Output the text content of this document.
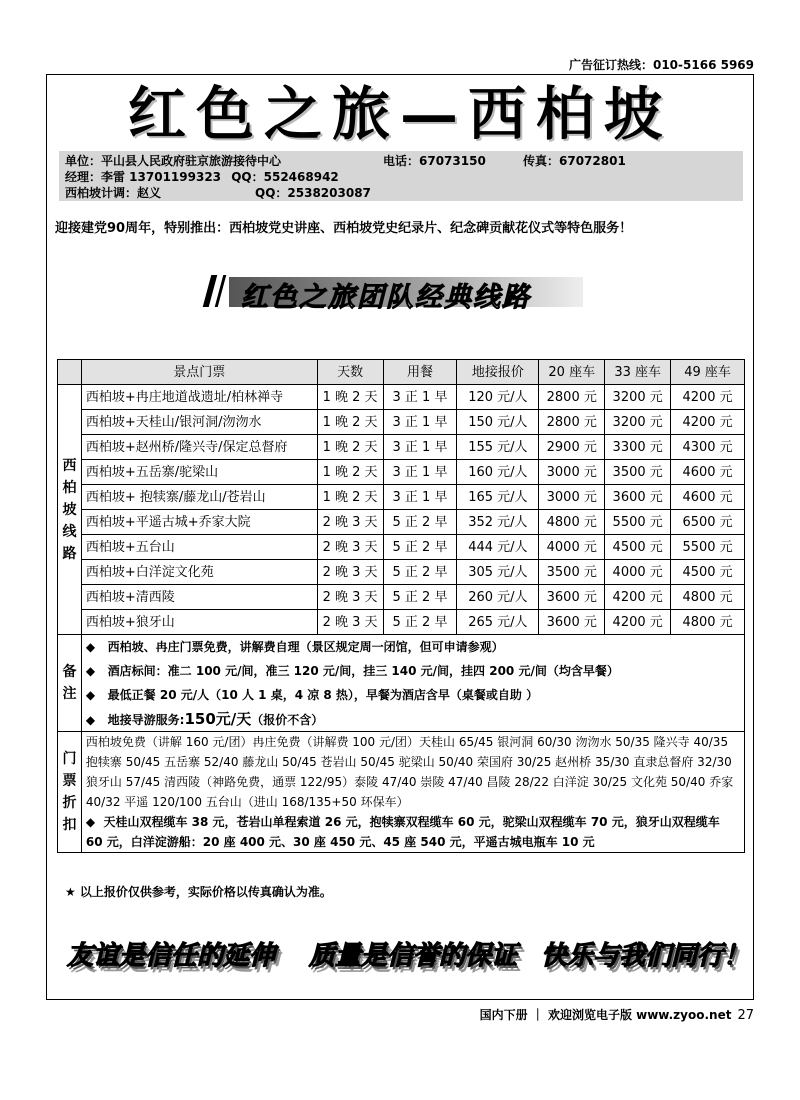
广告征订热线：010-5166 5969
红色之旅—西柏坡
单位：平山县人民政府驻京旅游接待中心	电话：67073150	传真：67072801
经理：李雷 13701199323 QQ：552468942
西柏坡计调：赵义	QQ：2538203087
迎接建党90周年，特别推出：西柏坡党史讲座、西柏坡党史纪录片、纪念碑贡献花仪式等特色服务！
红色之旅团队经典线路
	景点门票	天数	用餐	地接报价	20 座车	33 座车	49 座车
西柏坡线路	西柏坡+冉庄地道战遗址/柏林禅寺	1 晚 2 天	3 正 1 早	120 元/人	2800 元	3200 元	4200 元
	西柏坡+天桂山/银河洞/沕沕水	1 晚 2 天	3 正 1 早	150 元/人	2800 元	3200 元	4200 元
	西柏坡+赵州桥/隆兴寺/保定总督府	1 晚 2 天	3 正 1 早	155 元/人	2900 元	3300 元	4300 元
	西柏坡+五岳寨/驼梁山	1 晚 2 天	3 正 1 早	160 元/人	3000 元	3500 元	4600 元
	西柏坡+ 抱犊寨/藤龙山/苍岩山	1 晚 2 天	3 正 1 早	165 元/人	3000 元	3600 元	4600 元
	西柏坡+平遥古城+乔家大院	2 晚 3 天	5 正 2 早	352 元/人	4800 元	5500 元	6500 元
	西柏坡+五台山	2 晚 3 天	5 正 2 早	444 元/人	4000 元	4500 元	5500 元
	西柏坡+白洋淀文化苑	2 晚 3 天	5 正 2 早	305 元/人	3500 元	4000 元	4500 元
	西柏坡+清西陵	2 晚 3 天	5 正 2 早	260 元/人	3600 元	4200 元	4800 元
	西柏坡+狼牙山	2 晚 3 天	5 正 2 早	265 元/人	3600 元	4200 元	4800 元
备注	◆ 西柏坡、冉庄门票免费，讲解费自理（景区规定周一闭馆，但可申请参观）
◆ 酒店标间：准二 100 元/间，准三 120 元/间，挂三 140 元/间，挂四 200 元/间（均含早餐）
◆ 最低正餐 20 元/人（10 人 1 桌，4 凉 8 热），早餐为酒店含早（桌餐或自助 ）
◆ 地接导游服务:150元/天（报价不含）						

门票折扣	西柏坡免费（讲解 160 元/团）冉庄免费（讲解费 100 元/团）天桂山 65/45 银河洞 60/30 沕沕水 50/35 隆兴寺 40/35 抱犊寨 50/45 五岳寨 52/40 藤龙山 50/45 苍岩山 50/45 驼梁山 50/40 荣国府 30/25 赵州桥 35/30 直隶总督府 32/30 狼牙山 57/45 清西陵（神路免费，通票 122/95）泰陵 47/40 崇陵 47/40 昌陵 28/22 白洋淀 30/25 文化苑 50/40 乔家 40/32 平遥 120/100 五台山（进山 168/135+50 环保车）
◆ 天桂山双程缆车 38 元，苍岩山单程索道 26 元，抱犊寨双程缆车 60 元，驼梁山双程缆车 70 元，狼牙山双程缆车 60 元，白洋淀游船：20 座 400 元、30 座 450 元、45 座 540 元，平遥古城电瓶车 10 元						
★ 以上报价仅供参考，实际价格以传真确认为准。
友谊是信任的延伸 质量是信誉的保证 快乐与我们同行！
国内下册 ｜ 欢迎浏览电子版 www.zyoo.net 27
